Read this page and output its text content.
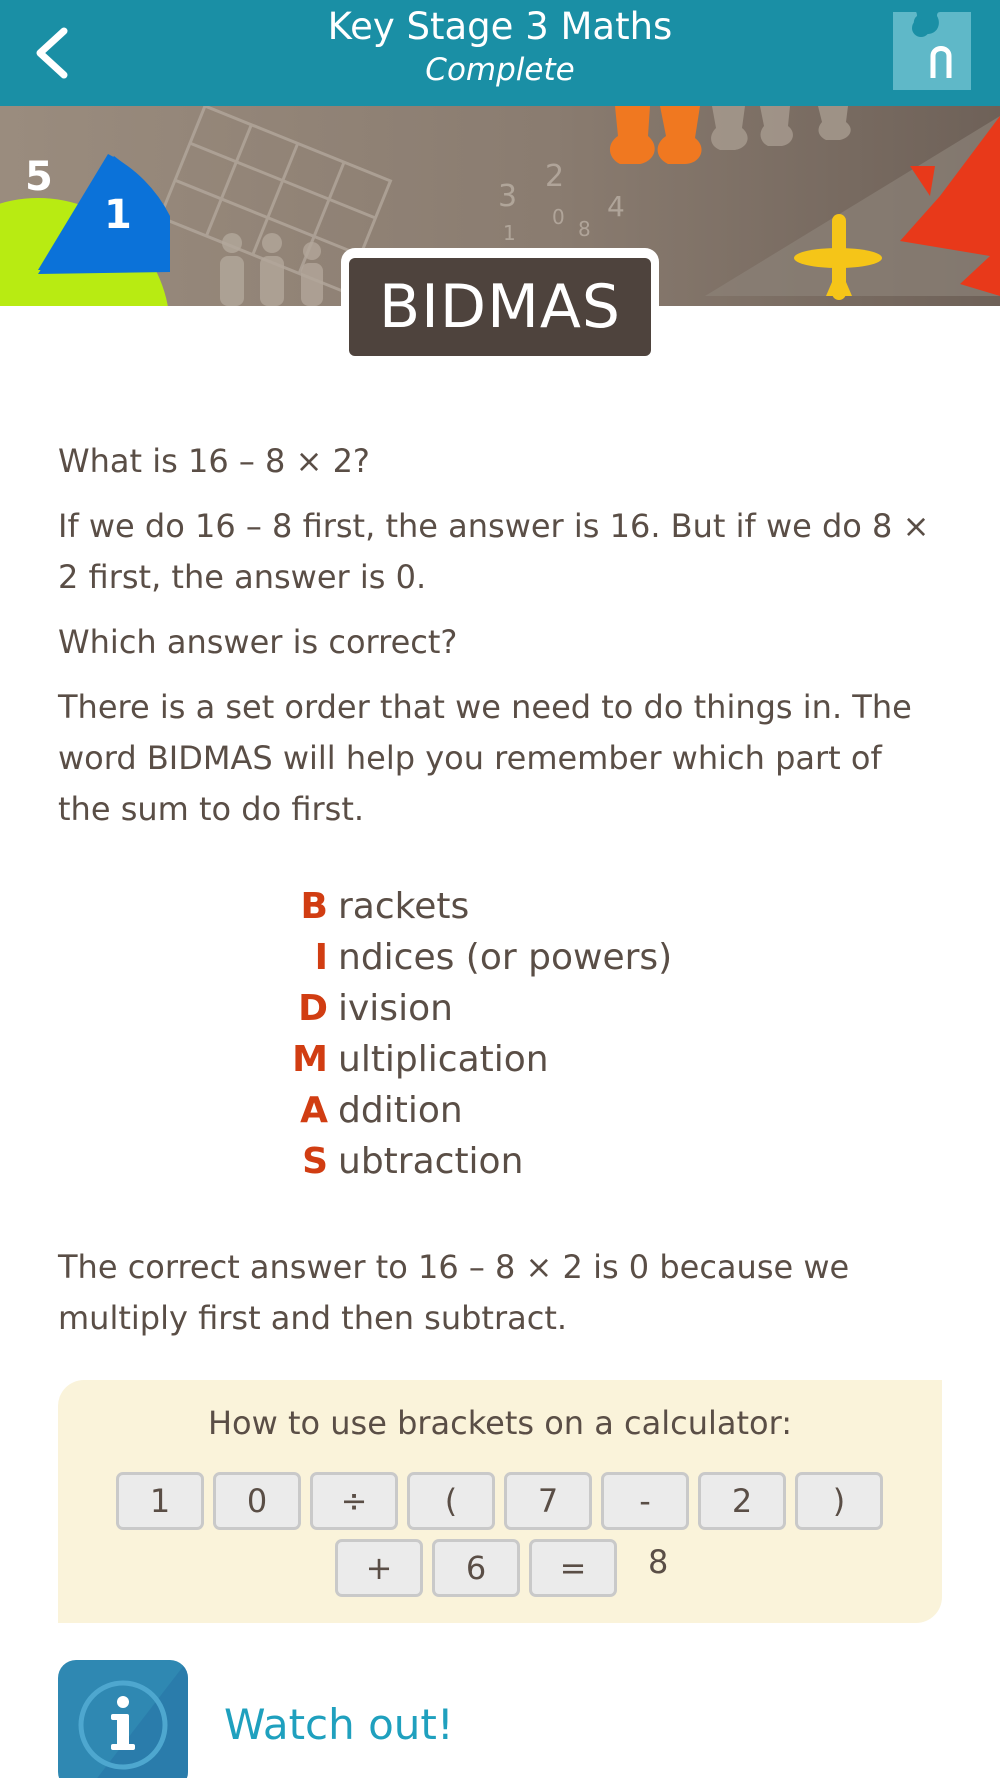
Key Stage 3 Maths
Complete
3
2
1
0 8
4
5
1
BIDMAS

What is 16 – 8 × 2?

If we do 16 – 8 first, the answer is 16. But if we do 8 × 2 first, the answer is 0.

Which answer is correct?

There is a set order that we need to do things in. The word BIDMAS will help you remember which part of the sum to do first.

B rackets
I ndices (or powers)
D ivision
M ultiplication
A ddition
S ubtraction

The correct answer to 16 – 8 × 2 is 0 because we multiply first and then subtract.

How to use brackets on a calculator:
1	0	÷	(	7	-	2	)
+	6	=	8
Watch out!
